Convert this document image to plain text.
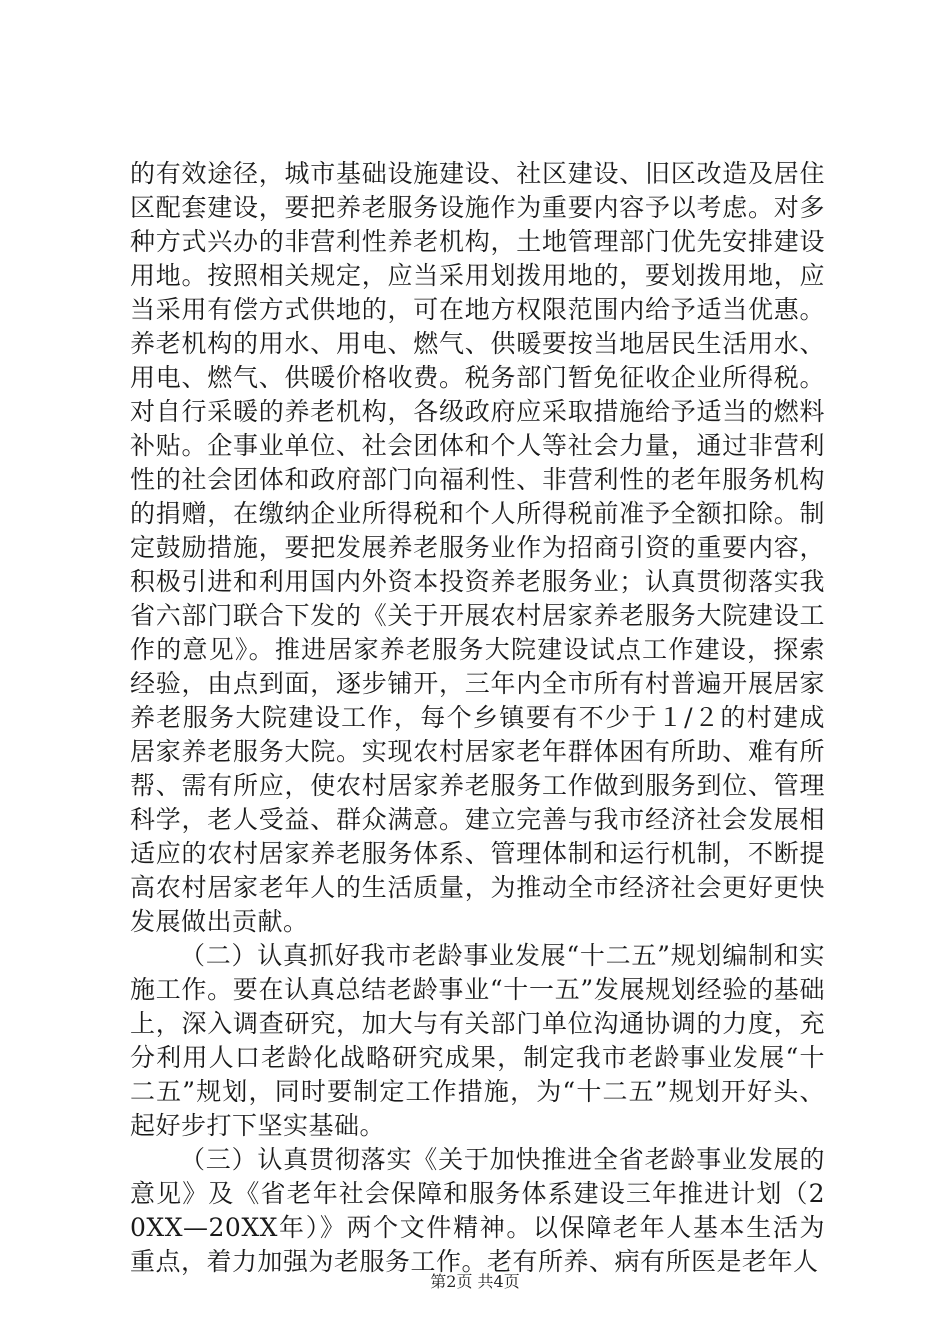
的有效途径，城市基础设施建设、社区建设、旧区改造及居住区配套建设，要把养老服务设施作为重要内容予以考虑。对多种方式兴办的非营利性养老机构，土地管理部门优先安排建设用地。按照相关规定，应当采用划拨用地的，要划拨用地，应当采用有偿方式供地的，可在地方权限范围内给予适当优惠。养老机构的用水、用电、燃气、供暖要按当地居民生活用水、用电、燃气、供暖价格收费。税务部门暂免征收企业所得税。对自行采暖的养老机构，各级政府应采取措施给予适当的燃料补贴。企事业单位、社会团体和个人等社会力量，通过非营利性的社会团体和政府部门向福利性、非营利性的老年服务机构的捐赠，在缴纳企业所得税和个人所得税前准予全额扣除。制定鼓励措施，要把发展养老服务业作为招商引资的重要内容，积极引进和利用国内外资本投资养老服务业；认真贯彻落实我省六部门联合下发的《关于开展农村居家养老服务大院建设工作的意见》。推进居家养老服务大院建设试点工作建设，探索经验，由点到面，逐步铺开，三年内全市所有村普遍开展居家养老服务大院建设工作，每个乡镇要有不少于１/２的村建成居家养老服务大院。实现农村居家老年群体困有所助、难有所帮、需有所应，使农村居家养老服务工作做到服务到位、管理科学，老人受益、群众满意。建立完善与我市经济社会发展相适应的农村居家养老服务体系、管理体制和运行机制，不断提高农村居家老年人的生活质量，为推动全市经济社会更好更快发展做出贡献。

（二）认真抓好我市老龄事业发展“十二五”规划编制和实施工作。要在认真总结老龄事业“十一五”发展规划经验的基础上，深入调查研究，加大与有关部门单位沟通协调的力度，充分利用人口老龄化战略研究成果，制定我市老龄事业发展“十二五”规划，同时要制定工作措施，为“十二五”规划开好头、起好步打下坚实基础。

（三）认真贯彻落实《关于加快推进全省老龄事业发展的意见》及《省老年社会保障和服务体系建设三年推进计划（20XX—20XX年）》两个文件精神。以保障老年人基本生活为重点，着力加强为老服务工作。老有所养、病有所医是老年人

第2页 共4页
